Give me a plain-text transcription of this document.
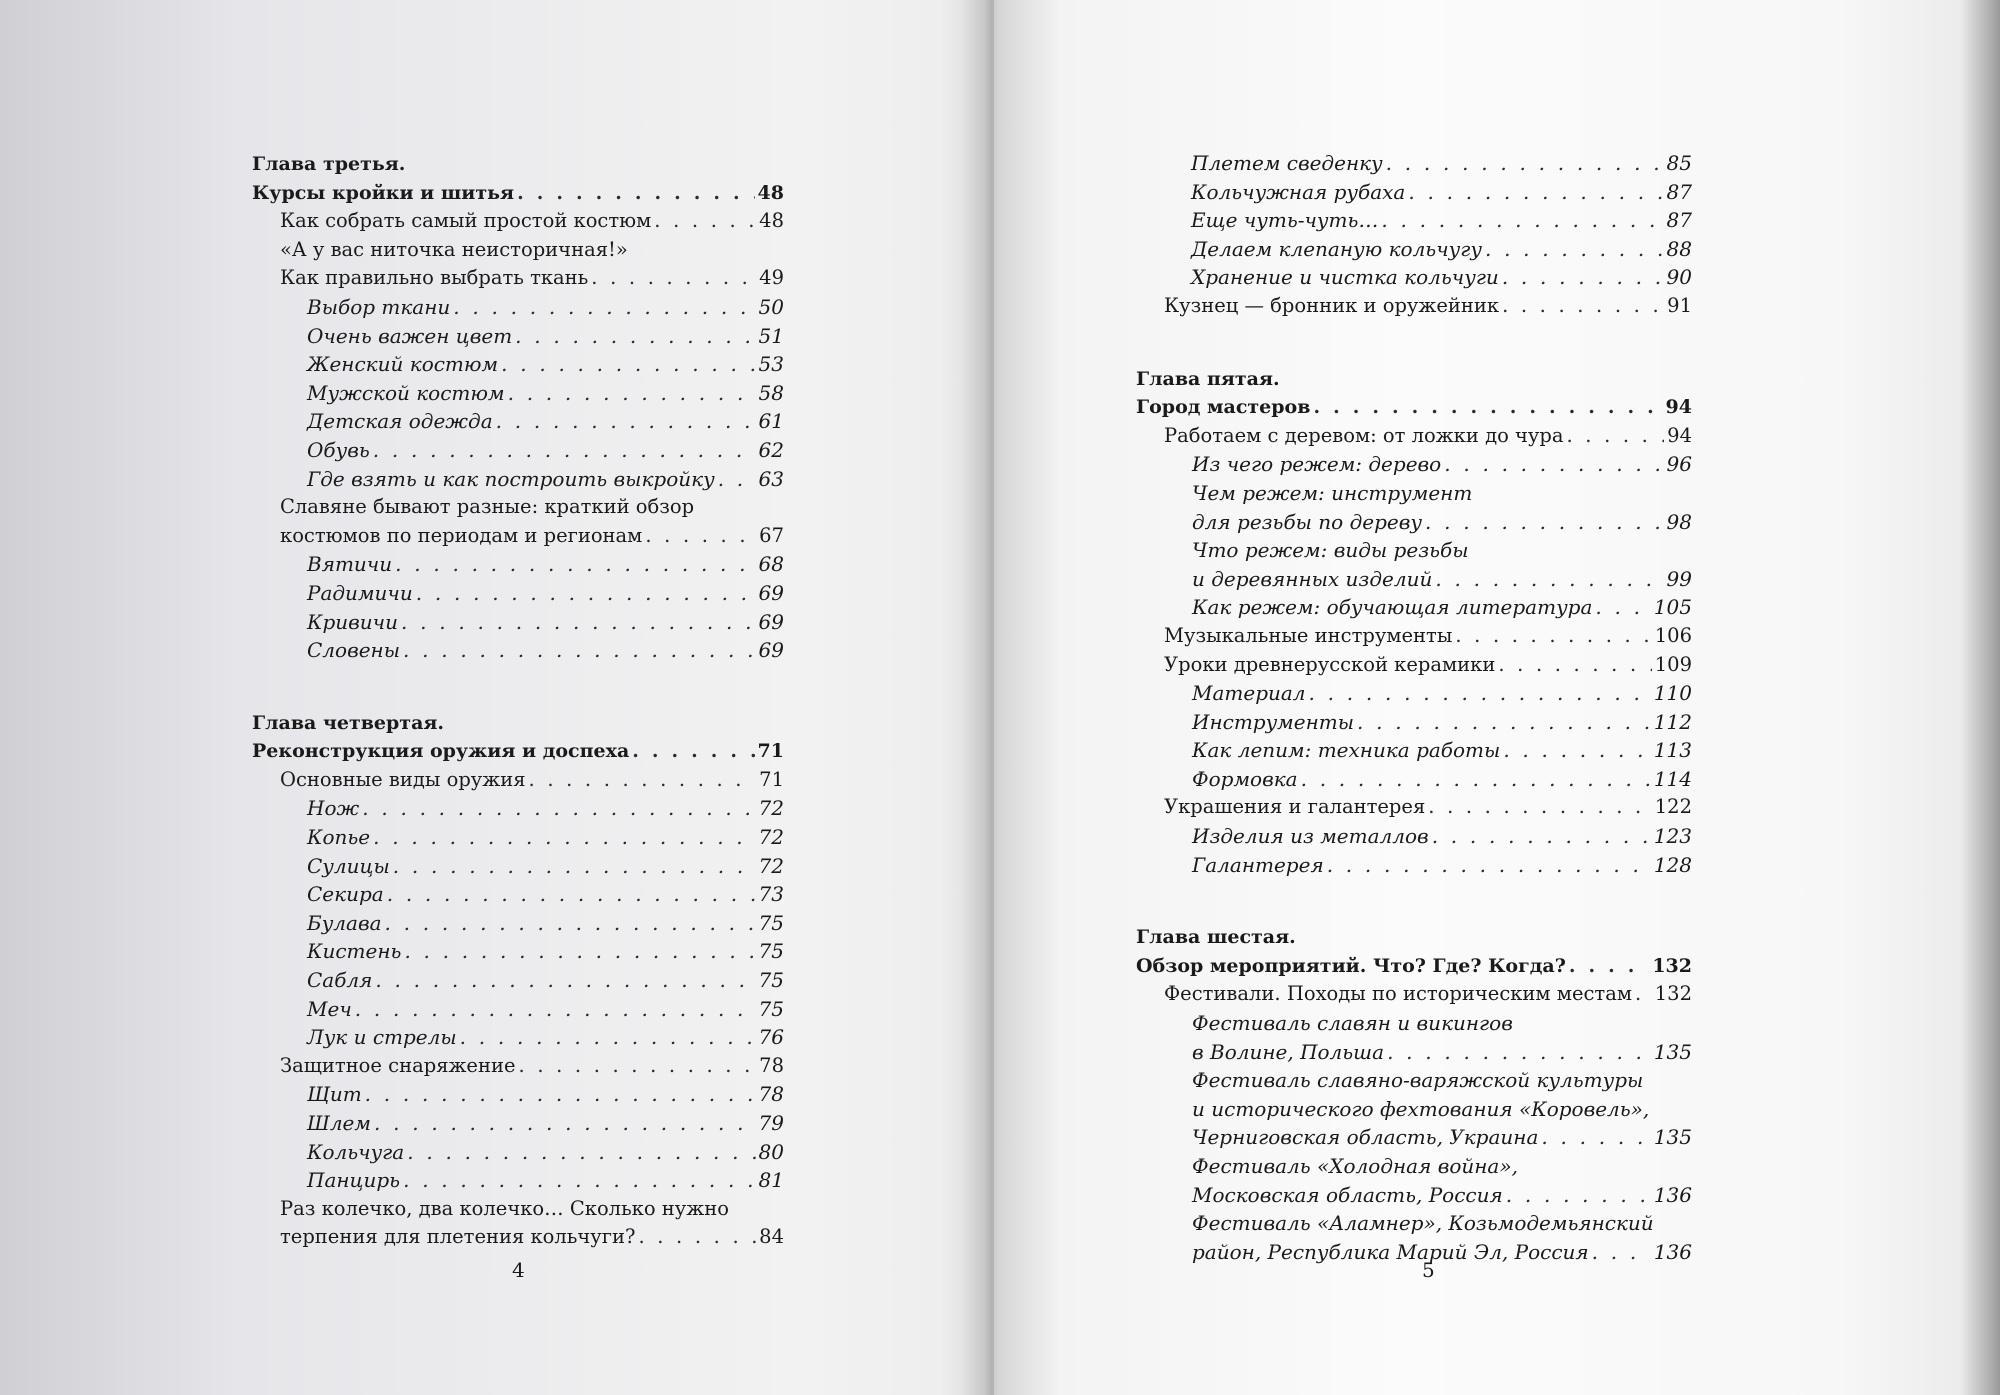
Глава третья.
Курсы кройки и шитья . . .	48
Как собрать самый простой костюм . . .	48
«А у вас ниточка неисторичная!»
Как правильно выбрать ткань . . .	49
Выбор ткани . . .	50
Очень важен цвет . . .	51
Женский костюм . . .	53
Мужской костюм . . .	58
Детская одежда . . .	61
Обувь . . .	62
Где взять и как построить выкройку . . . 63
Славяне бывают разные: краткий обзор
костюмов по периодам и регионам . . .	67
Вятичи . . .	68
Радимичи . . .	69
Кривичи . . .	69
Словены . . .	69
Глава четвертая.
Реконструкция оружия и доспеха . . .	71
Основные виды оружия . . .	71
Нож . . .	72
Копье . . .	72
Сулицы . . .	72
Секира . . .	73
Булава . . .	75
Кистень . . .	75
Сабля . . .	75
Меч . . .	75
Лук и стрелы . . .	76
Защитное снаряжение . . .	78
Щит . . .	78
Шлем . . .	79
Кольчуга . . .	80
Панцирь . . .	81
Раз колечко, два колечко… Сколько нужно
терпения для плетения кольчуги? . . .	84
4
Плетем сведенку . . .	85
Кольчужная рубаха . . .	87
Еще чуть-чуть… . . .	87
Делаем клепаную кольчугу . . .	88
Хранение и чистка кольчуги . . .	90
Кузнец — бронник и оружейник . . .	91
Глава пятая.
Город мастеров . . .	94
Работаем с деревом: от ложки до чура . . .	94
Из чего режем: дерево . . .	96
Чем режем: инструмент
для резьбы по дереву . . .	98
Что режем: виды резьбы
и деревянных изделий . . .	99
Как режем: обучающая литература . . .	105
Музыкальные инструменты . . .	106
Уроки древнерусской керамики . . .	109
Материал . . .	110
Инструменты . . .	112
Как лепим: техника работы . . .	113
Формовка . . .	114
Украшения и галантерея . . .	122
Изделия из металлов . . .	123
Галантерея . . .	128
Глава шестая.
Обзор мероприятий. Что? Где? Когда? . . .	132
Фестивали. Походы по историческим местам . . . 132
Фестиваль славян и викингов
в Волине, Польша . . .	135
Фестиваль славяно-варяжской культуры
и исторического фехтования «Коровель»,
Черниговская область, Украина . . .	135
Фестиваль «Холодная война»,
Московская область, Россия . . .	136
Фестиваль «Аламнер», Козьмодемьянский
район, Республика Марий Эл, Россия . . .	136
5
